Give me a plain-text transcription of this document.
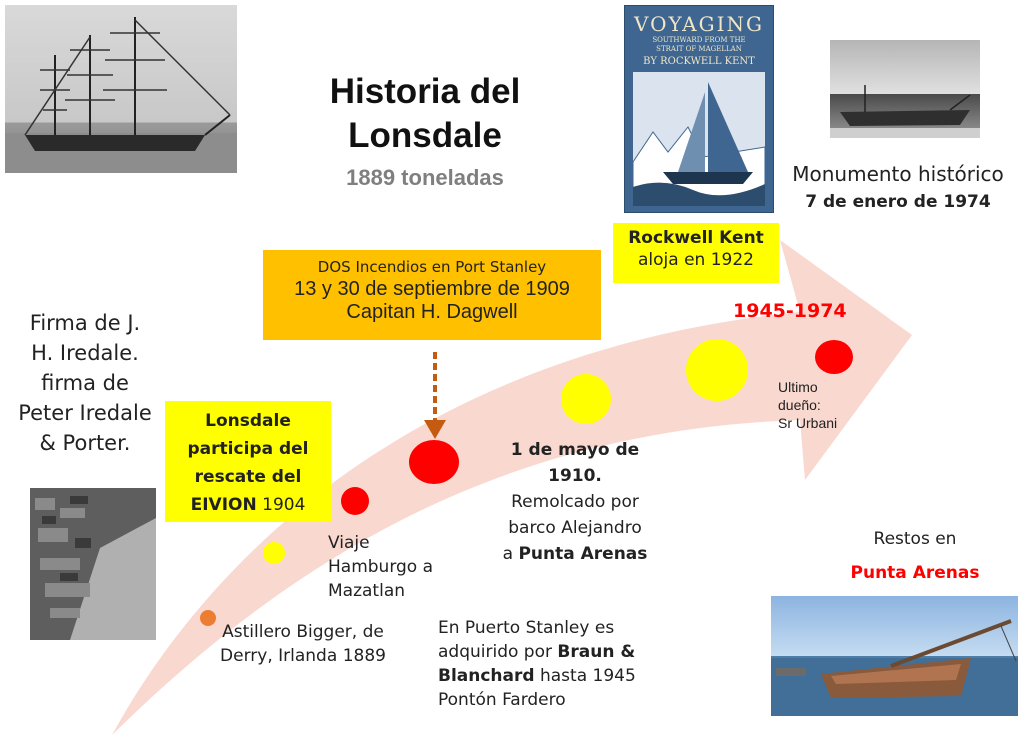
Historia del
Lonsdale
1889 toneladas
VOYAGING
SOUTHWARD FROM THE
STRAIT OF MAGELLAN
BY ROCKWELL KENT
Monumento histórico
7 de enero de 1974
Rockwell Kent
aloja en 1922
DOS Incendios en Port Stanley
13 y 30 de septiembre de 1909
Capitan H. Dagwell
Firma de J.
H. Iredale.
firma de
Peter Iredale
& Porter.
Lonsdale
participa del
rescate del
EIVION 1904
1945-1974
Ultimo
dueño:
Sr Urbani
1 de mayo de
1910.
Remolcado por
barco Alejandro
a Punta Arenas
Viaje
Hamburgo a
Mazatlan
Astillero Bigger, de
Derry, Irlanda 1889
En Puerto Stanley es
adquirido por Braun &
Blanchard hasta 1945
Pontón Fardero
Restos en
Punta Arenas
